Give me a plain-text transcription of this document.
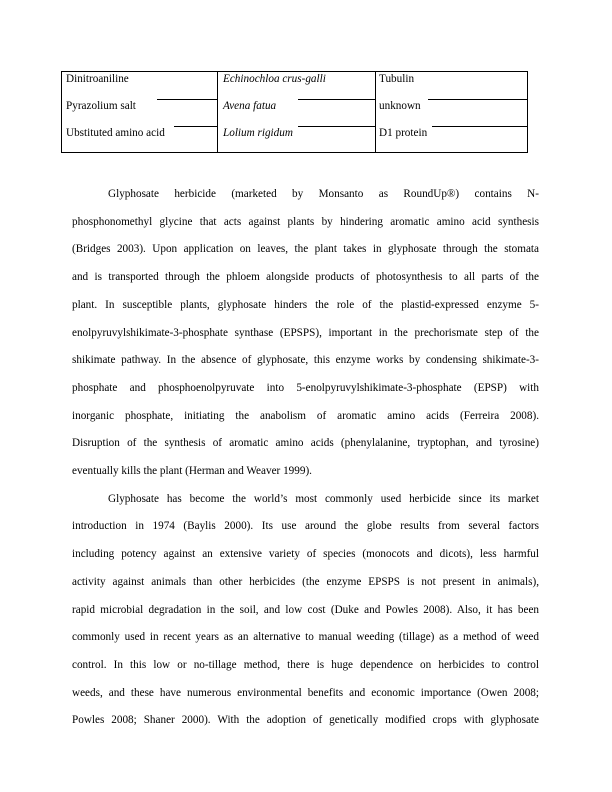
Dinitroaniline	Echinochloa crus-galli	Tubulin
Pyrazolium salt	Avena fatua	unknown
Ubstituted amino acid	Lolium rigidum	D1 protein

Glyphosate herbicide (marketed by Monsanto as RoundUp®) contains N-

phosphonomethyl glycine that acts against plants by hindering aromatic amino acid synthesis

(Bridges 2003). Upon application on leaves, the plant takes in glyphosate through the stomata

and is transported through the phloem alongside products of photosynthesis to all parts of the

plant. In susceptible plants, glyphosate hinders the role of the plastid-expressed enzyme 5-

enolpyruvylshikimate-3-phosphate synthase (EPSPS), important in the prechorismate step of the

shikimate pathway. In the absence of glyphosate, this enzyme works by condensing shikimate-3-

phosphate and phosphoenolpyruvate into 5-enolpyruvylshikimate-3-phosphate (EPSP) with

inorganic phosphate, initiating the anabolism of aromatic amino acids (Ferreira 2008).

Disruption of the synthesis of aromatic amino acids (phenylalanine, tryptophan, and tyrosine)

eventually kills the plant (Herman and Weaver 1999).

Glyphosate has become the world’s most commonly used herbicide since its market

introduction in 1974 (Baylis 2000). Its use around the globe results from several factors

including potency against an extensive variety of species (monocots and dicots), less harmful

activity against animals than other herbicides (the enzyme EPSPS is not present in animals),

rapid microbial degradation in the soil, and low cost (Duke and Powles 2008). Also, it has been

commonly used in recent years as an alternative to manual weeding (tillage) as a method of weed

control. In this low or no-tillage method, there is huge dependence on herbicides to control

weeds, and these have numerous environmental benefits and economic importance (Owen 2008;

Powles 2008; Shaner 2000). With the adoption of genetically modified crops with glyphosate
